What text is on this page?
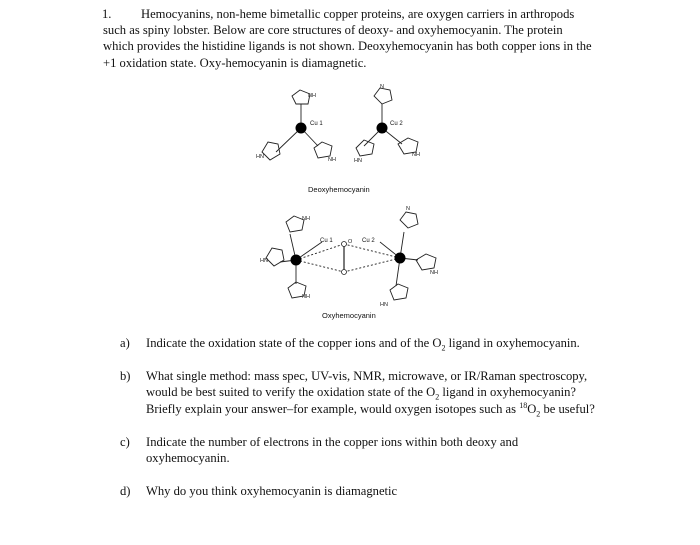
1.	Hemocyanins, non-heme bimetallic copper proteins, are oxygen carriers in arthropods such as spiny lobster. Below are core structures of deoxy- and oxyhemocyanin. The protein which provides the histidine ligands is not shown. Deoxyhemocyanin has both copper ions in the +1 oxidation state. Oxy-hemocyanin is diamagnetic.

NH
HN	NH	HN
NH
N
NH
HN
NH
NH
HN
N
O
Cu 1	Cu 2
Cu 1	Cu 2
Deoxyhemocyanin
Oxyhemocyanin
a) Indicate the oxidation state of the copper ions and of the $O_2$ ligand in oxyhemocyanin.
b) What single method: mass spec, UV-vis, NMR, microwave, or IR/Raman spectroscopy, would be best suited to verify the oxidation state of the $O_2$ ligand in oxyhemocyanin? Briefly explain your answer–for example, would oxygen isotopes such as $^{18}O_2$ be useful?
c) Indicate the number of electrons in the copper ions within both deoxy and oxyhemocyanin.
d) Why do you think oxyhemocyanin is diamagnetic
